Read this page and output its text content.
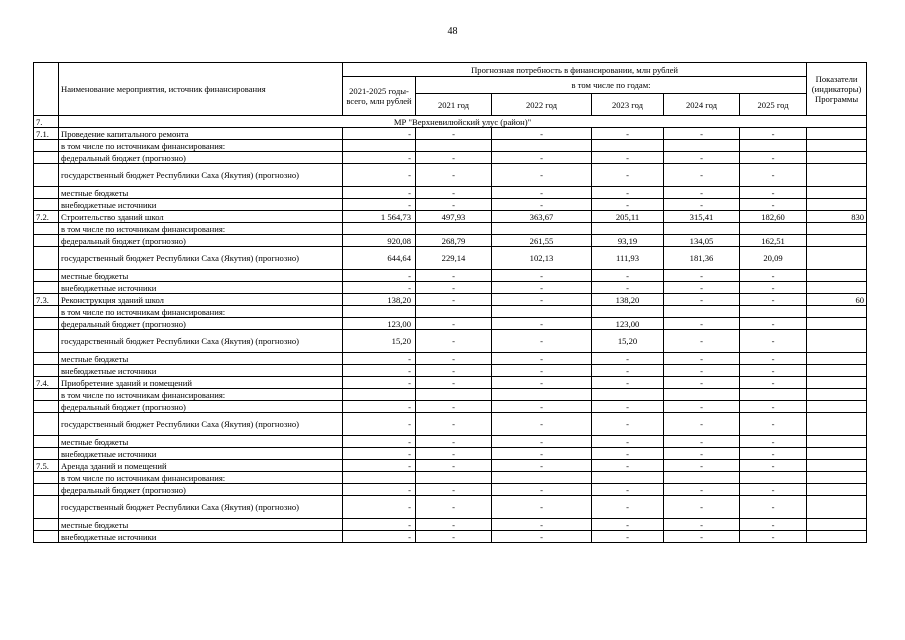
48
	Наименование мероприятия, источник финансирования	Прогнозная потребность в финансировании, млн рублей						Показатели (индикаторы) Программы
		2021-2025 годы- всего, млн рублей	в том числе по годам:					
			2021 год	2022 год	2023 год	2024 год	2025 год	
7.	МР "Верхневилюйский улус (район)"							
7.1.	Проведение капитального ремонта	-	-	-	-	-	-	
	в том числе по источникам финансирования:							
	федеральный бюджет (прогнозно)	-	-	-	-	-	-	
	государственный бюджет Республики Саха (Якутия) (прогнозно)	-	-	-	-	-	-	
	местные бюджеты	-	-	-	-	-	-	
	внебюджетные источники	-	-	-	-	-	-	
7.2.	Строительство зданий школ	1 564,73	497,93	363,67	205,11	315,41	182,60	830
	в том числе по источникам финансирования:							
	федеральный бюджет (прогнозно)	920,08	268,79	261,55	93,19	134,05	162,51	
	государственный бюджет Республики Саха (Якутия) (прогнозно)	644,64	229,14	102,13	111,93	181,36	20,09	
	местные бюджеты	-	-	-	-	-	-	
	внебюджетные источники	-	-	-	-	-	-	
7.3.	Реконструкция зданий школ	138,20	-	-	138,20	-	-	60
	в том числе по источникам финансирования:							
	федеральный бюджет (прогнозно)	123,00	-	-	123,00	-	-	
	государственный бюджет Республики Саха (Якутия) (прогнозно)	15,20	-	-	15,20	-	-	
	местные бюджеты	-	-	-	-	-	-	
	внебюджетные источники	-	-	-	-	-	-	
7.4.	Приобретение зданий и помещений	-	-	-	-	-	-	
	в том числе по источникам финансирования:							
	федеральный бюджет (прогнозно)	-	-	-	-	-	-	
	государственный бюджет Республики Саха (Якутия) (прогнозно)	-	-	-	-	-	-	
	местные бюджеты	-	-	-	-	-	-	
	внебюджетные источники	-	-	-	-	-	-	
7.5.	Аренда зданий и помещений	-	-	-	-	-	-	
	в том числе по источникам финансирования:							
	федеральный бюджет (прогнозно)	-	-	-	-	-	-	
	государственный бюджет Республики Саха (Якутия) (прогнозно)	-	-	-	-	-	-	
	местные бюджеты	-	-	-	-	-	-	
	внебюджетные источники	-	-	-	-	-	-	
